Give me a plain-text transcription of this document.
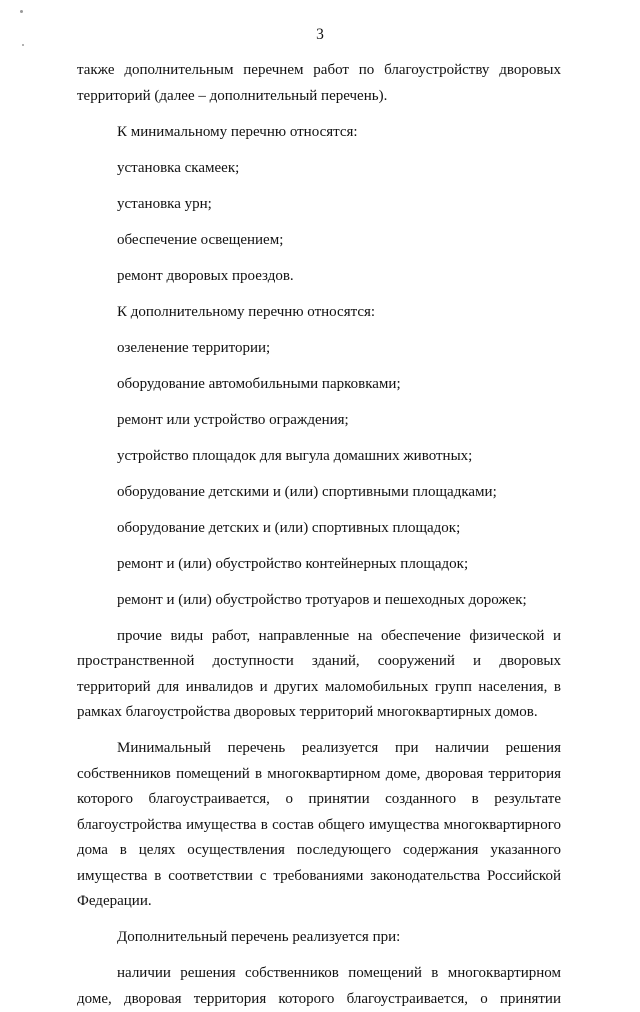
3

также дополнительным перечнем работ по благоустройству дворовых территорий (далее – дополнительный перечень).

К минимальному перечню относятся:

установка скамеек;

установка урн;

обеспечение освещением;

ремонт дворовых проездов.

К дополнительному перечню относятся:

озеленение территории;

оборудование автомобильными парковками;

ремонт или устройство ограждения;

устройство площадок для выгула домашних животных;

оборудование детскими и (или) спортивными площадками;

оборудование детских и (или) спортивных площадок;

ремонт и (или) обустройство контейнерных площадок;

ремонт и (или) обустройство тротуаров и пешеходных дорожек;

прочие виды работ, направленные на обеспечение физической и пространственной доступности зданий, сооружений и дворовых территорий для инвалидов и других маломобильных групп населения, в рамках благоустройства дворовых территорий многоквартирных домов.

Минимальный перечень реализуется при наличии решения собственников помещений в многоквартирном доме, дворовая территория которого благоустраивается, о принятии созданного в результате благоустройства имущества в состав общего имущества многоквартирного дома в целях осуществления последующего содержания указанного имущества в соответствии с требованиями законодательства Российской Федерации.

Дополнительный перечень реализуется при:

наличии решения собственников помещений в многоквартирном доме, дворовая территория которого благоустраивается, о принятии
